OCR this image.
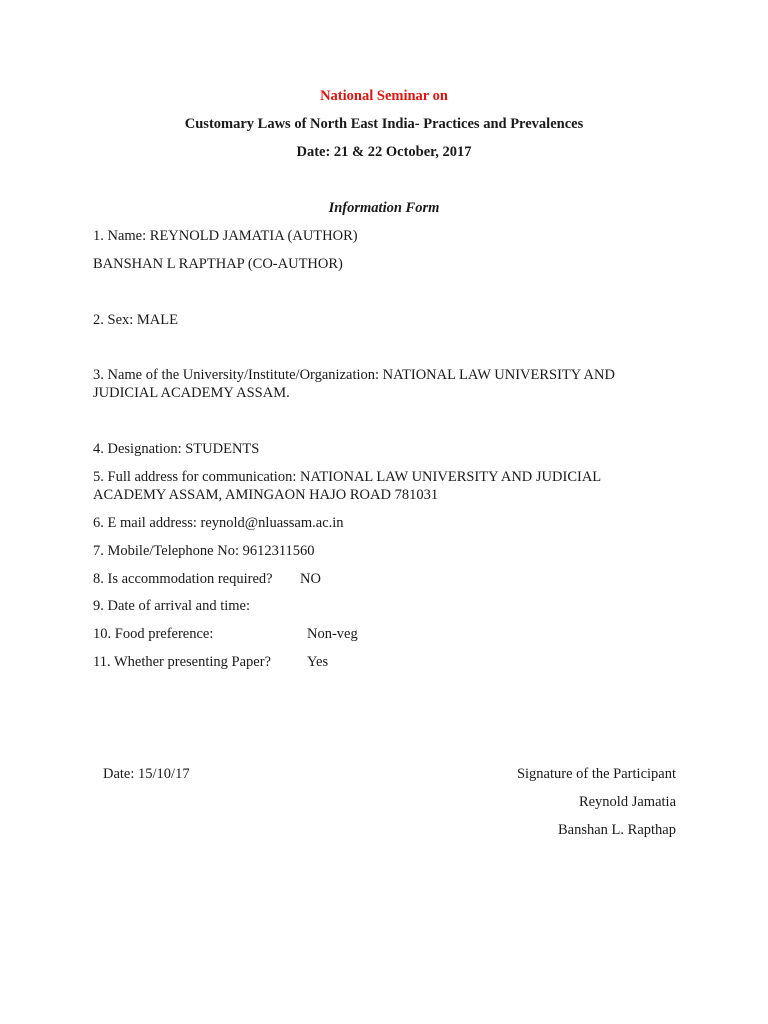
National Seminar on
Customary Laws of North East India- Practices and Prevalences
Date: 21 & 22 October, 2017
Information Form
1. Name: REYNOLD JAMATIA (AUTHOR)
BANSHAN L RAPTHAP (CO-AUTHOR)
2. Sex: MALE
3. Name of the University/Institute/Organization: NATIONAL LAW UNIVERSITY AND
JUDICIAL ACADEMY ASSAM.
4. Designation: STUDENTS
5. Full address for communication: NATIONAL LAW UNIVERSITY AND JUDICIAL
ACADEMY ASSAM, AMINGAON HAJO ROAD 781031
6. E mail address: reynold@nluassam.ac.in
7. Mobile/Telephone No: 9612311560
8. Is accommodation required? NO
9. Date of arrival and time:
10. Food preference:	Non-veg
11. Whether presenting Paper? Yes
Date: 15/10/17	Signature of the Participant
Reynold Jamatia
Banshan L. Rapthap
